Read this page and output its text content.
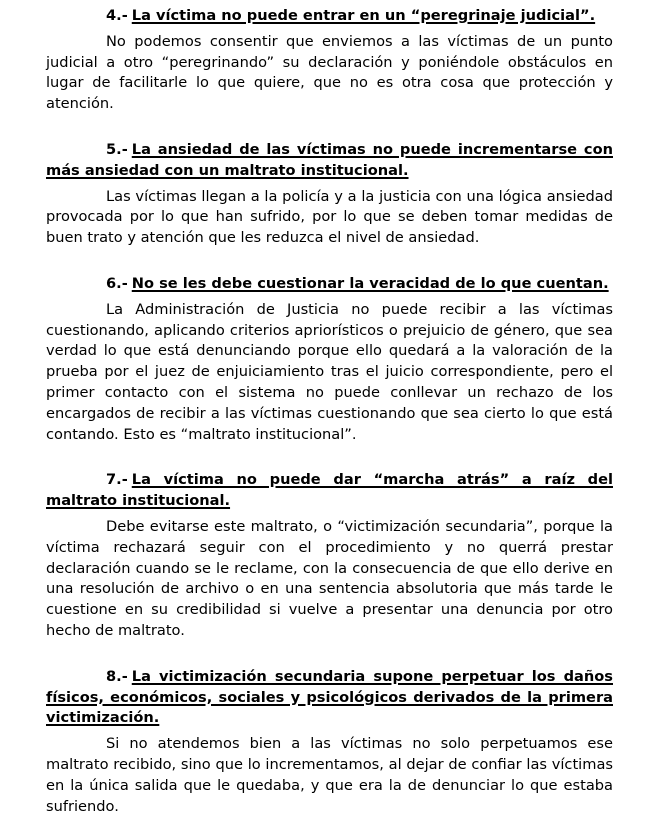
4.- La víctima no puede entrar en un “peregrinaje judicial”.

No podemos consentir que enviemos a las víctimas de un punto judicial a otro “peregrinando” su declaración y poniéndole obstáculos en lugar de facilitarle lo que quiere, que no es otra cosa que protección y atención.

5.- La ansiedad de las víctimas no puede incrementarse con más ansiedad con un maltrato institucional.

Las víctimas llegan a la policía y a la justicia con una lógica ansiedad provocada por lo que han sufrido, por lo que se deben tomar medidas de buen trato y atención que les reduzca el nivel de ansiedad.

6.- No se les debe cuestionar la veracidad de lo que cuentan.

La Administración de Justicia no puede recibir a las víctimas cuestionando, aplicando criterios apriorísticos o prejuicio de género, que sea verdad lo que está denunciando porque ello quedará a la valoración de la prueba por el juez de enjuiciamiento tras el juicio correspondiente, pero el primer contacto con el sistema no puede conllevar un rechazo de los encargados de recibir a las víctimas cuestionando que sea cierto lo que está contando. Esto es “maltrato institucional”.

7.- La víctima no puede dar “marcha atrás” a raíz del maltrato institucional.

Debe evitarse este maltrato, o “victimización secundaria”, porque la víctima rechazará seguir con el procedimiento y no querrá prestar declaración cuando se le reclame, con la consecuencia de que ello derive en una resolución de archivo o en una sentencia absolutoria que más tarde le cuestione en su credibilidad si vuelve a presentar una denuncia por otro hecho de maltrato.

8.- La victimización secundaria supone perpetuar los daños físicos, económicos, sociales y psicológicos derivados de la primera victimización.

Si no atendemos bien a las víctimas no solo perpetuamos ese maltrato recibido, sino que lo incrementamos, al dejar de confiar las víctimas en la única salida que le quedaba, y que era la de denunciar lo que estaba sufriendo.
